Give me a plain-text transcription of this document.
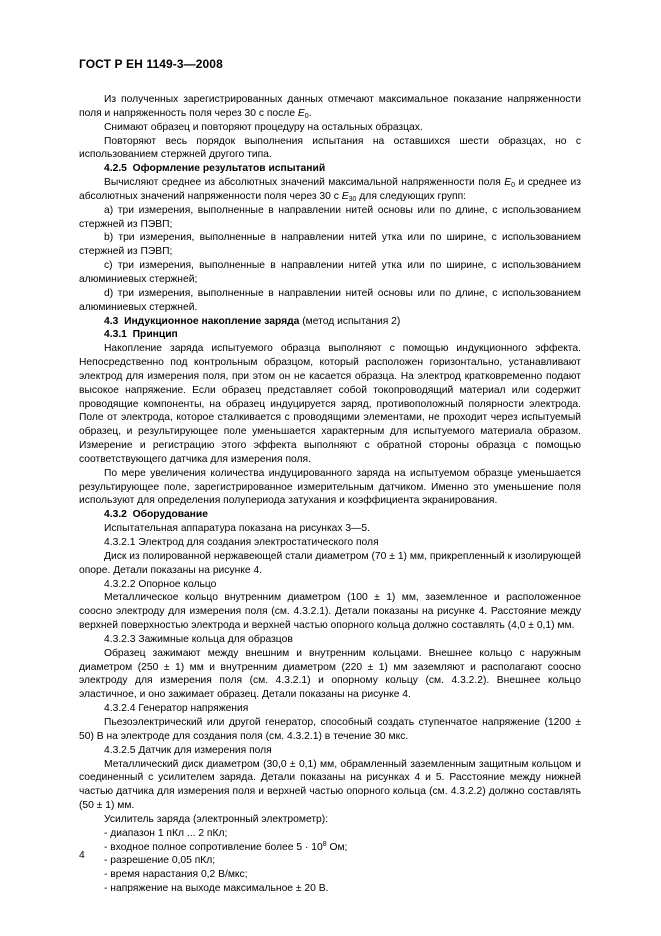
ГОСТ Р ЕН 1149-3—2008

Из полученных зарегистрированных данных отмечают максимальное показание напряженности поля и напряженность поля через 30 с после $E_0$.

Снимают образец и повторяют процедуру на остальных образцах.

Повторяют весь порядок выполнения испытания на оставшихся шести образцах, но с использованием стержней другого типа.

4.2.5 Оформление результатов испытаний

Вычисляют среднее из абсолютных значений максимальной напряженности поля $E_0$ и среднее из абсолютных значений напряженности поля через 30 с $E_{30}$ для следующих групп:

а) три измерения, выполненные в направлении нитей основы или по длине, с использованием стержней из ПЭВП;

b) три измерения, выполненные в направлении нитей утка или по ширине, с использованием стержней из ПЭВП;

c) три измерения, выполненные в направлении нитей утка или по ширине, с использованием алюминиевых стержней;

d) три измерения, выполненные в направлении нитей основы или по длине, с использованием алюминиевых стержней.

4.3 Индукционное накопление заряда (метод испытания 2)

4.3.1 Принцип

Накопление заряда испытуемого образца выполняют с помощью индукционного эффекта. Непосредственно под контрольным образцом, который расположен горизонтально, устанавливают электрод для измерения поля, при этом он не касается образца. На электрод кратковременно подают высокое напряжение. Если образец представляет собой токопроводящий материал или содержит проводящие компоненты, на образец индуцируется заряд, противоположный полярности электрода. Поле от электрода, которое сталкивается с проводящими элементами, не проходит через испытуемый образец, и результирующее поле уменьшается характерным для испытуемого материала образом. Измерение и регистрацию этого эффекта выполняют с обратной стороны образца с помощью соответствующего датчика для измерения поля.

По мере увеличения количества индуцированного заряда на испытуемом образце уменьшается результирующее поле, зарегистрированное измерительным датчиком. Именно это уменьшение поля используют для определения полупериода затухания и коэффициента экранирования.

4.3.2 Оборудование

Испытательная аппаратура показана на рисунках 3—5.

4.3.2.1 Электрод для создания электростатического поля

Диск из полированной нержавеющей стали диаметром (70 ± 1) мм, прикрепленный к изолирующей опоре. Детали показаны на рисунке 4.

4.3.2.2 Опорное кольцо

Металлическое кольцо внутренним диаметром (100 ± 1) мм, заземленное и расположенное соосно электроду для измерения поля (см. 4.3.2.1). Детали показаны на рисунке 4. Расстояние между верхней поверхностью электрода и верхней частью опорного кольца должно составлять (4,0 ± 0,1) мм.

4.3.2.3 Зажимные кольца для образцов

Образец зажимают между внешним и внутренним кольцами. Внешнее кольцо с наружным диаметром (250 ± 1) мм и внутренним диаметром (220 ± 1) мм заземляют и располагают соосно электроду для измерения поля (см. 4.3.2.1) и опорному кольцу (см. 4.3.2.2). Внешнее кольцо эластичное, и оно зажимает образец. Детали показаны на рисунке 4.

4.3.2.4 Генератор напряжения

Пьезоэлектрический или другой генератор, способный создать ступенчатое напряжение (1200 ± 50) В на электроде для создания поля (см. 4.3.2.1) в течение 30 мкс.

4.3.2.5 Датчик для измерения поля

Металлический диск диаметром (30,0 ± 0,1) мм, обрамленный заземленным защитным кольцом и соединенный с усилителем заряда. Детали показаны на рисунках 4 и 5. Расстояние между нижней частью датчика для измерения поля и верхней частью опорного кольца (см. 4.3.2.2) должно составлять (50 ± 1) мм.

Усилитель заряда (электронный электрометр):

- диапазон 1 пКл ... 2 пКл;

- входное полное сопротивление более $5 \cdot 10^8$ Ом;

- разрешение 0,05 пКл;

- время нарастания 0,2 В/мкс;

- напряжение на выходе максимальное ± 20 В.

4
